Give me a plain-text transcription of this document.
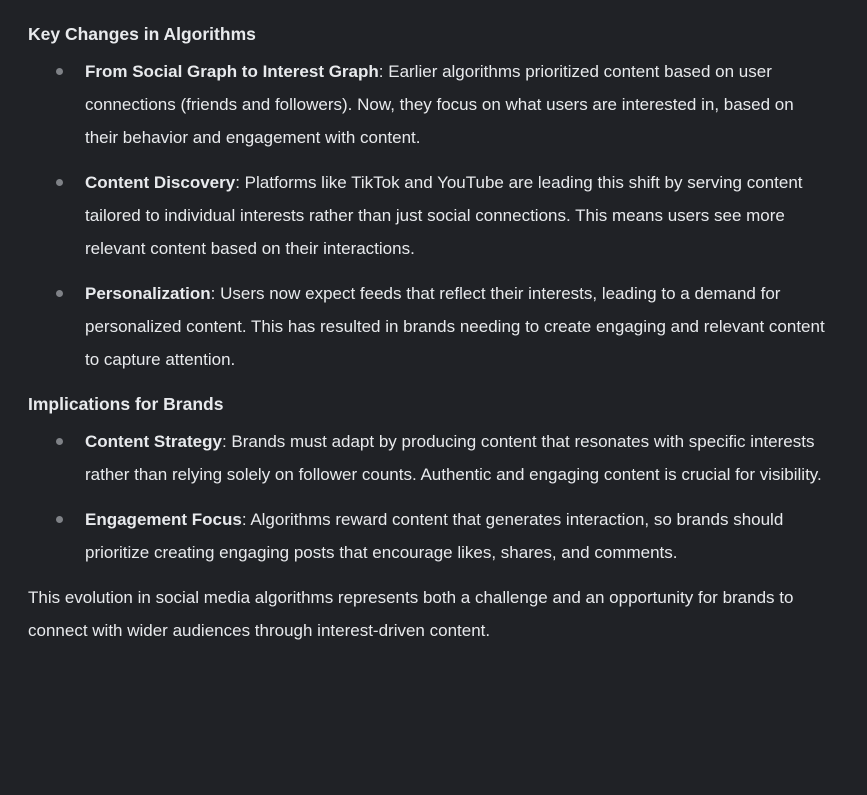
Key Changes in Algorithms
From Social Graph to Interest Graph: Earlier algorithms prioritized content based on user connections (friends and followers). Now, they focus on what users are interested in, based on their behavior and engagement with content.
Content Discovery: Platforms like TikTok and YouTube are leading this shift by serving content tailored to individual interests rather than just social connections. This means users see more relevant content based on their interactions.
Personalization: Users now expect feeds that reflect their interests, leading to a demand for personalized content. This has resulted in brands needing to create engaging and relevant content to capture attention.
Implications for Brands
Content Strategy: Brands must adapt by producing content that resonates with specific interests rather than relying solely on follower counts. Authentic and engaging content is crucial for visibility.
Engagement Focus: Algorithms reward content that generates interaction, so brands should prioritize creating engaging posts that encourage likes, shares, and comments.

This evolution in social media algorithms represents both a challenge and an opportunity for brands to connect with wider audiences through interest-driven content.
